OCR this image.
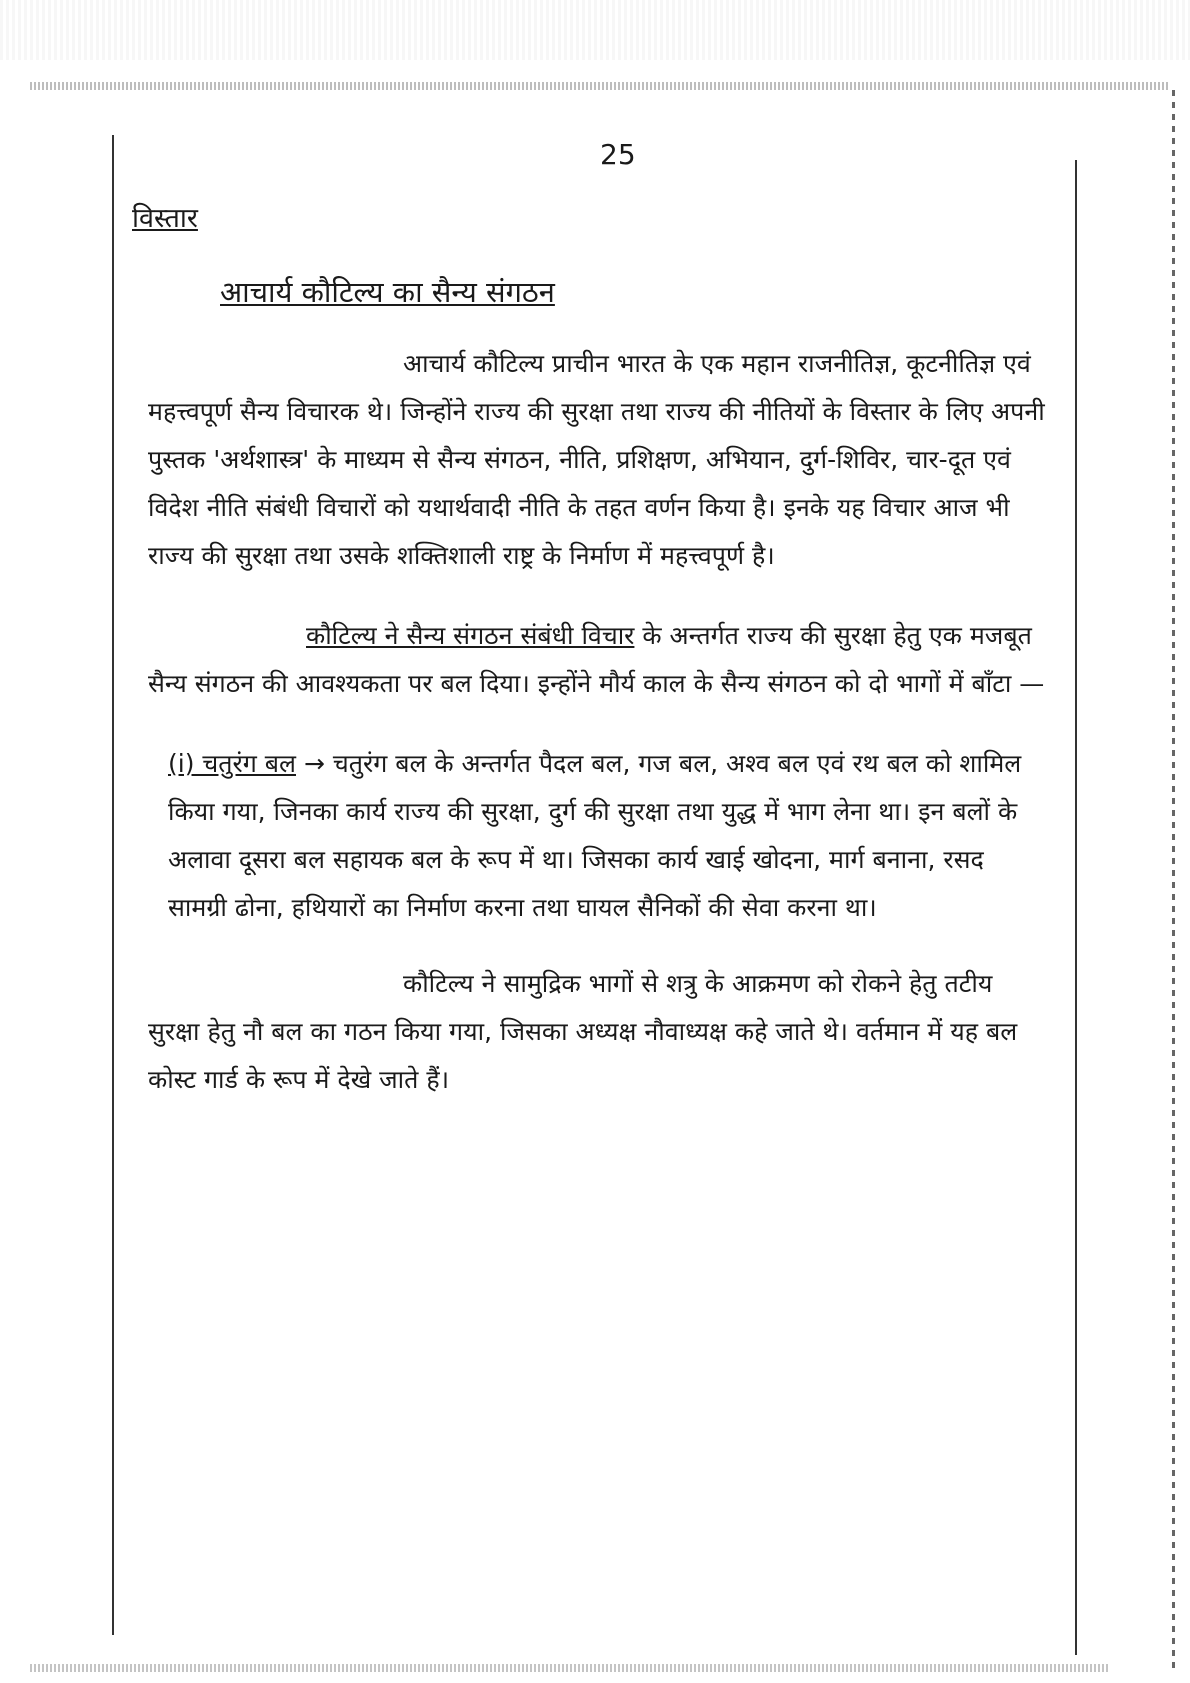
25
विस्तार
आचार्य कौटिल्य का सैन्य संगठन

आचार्य कौटिल्य प्राचीन भारत के एक महान राजनीतिज्ञ, कूटनीतिज्ञ एवं महत्त्वपूर्ण सैन्य विचारक थे। जिन्होंने राज्य की सुरक्षा तथा राज्य की नीतियों के विस्तार के लिए अपनी पुस्तक 'अर्थशास्त्र' के माध्यम से सैन्य संगठन, नीति, प्रशिक्षण, अभियान, दुर्ग-शिविर, चार-दूत एवं विदेश नीति संबंधी विचारों को यथार्थवादी नीति के तहत वर्णन किया है। इनके यह विचार आज भी राज्य की सुरक्षा तथा उसके शक्तिशाली राष्ट्र के निर्माण में महत्त्वपूर्ण है।

कौटिल्य ने सैन्य संगठन संबंधी विचार के अन्तर्गत राज्य की सुरक्षा हेतु एक मजबूत सैन्य संगठन की आवश्यकता पर बल दिया। इन्होंने मौर्य काल के सैन्य संगठन को दो भागों में बाँटा —

(i) चतुरंग बल → चतुरंग बल के अन्तर्गत पैदल बल, गज बल, अश्व बल एवं रथ बल को शामिल किया गया, जिनका कार्य राज्य की सुरक्षा, दुर्ग की सुरक्षा तथा युद्ध में भाग लेना था। इन बलों के अलावा दूसरा बल सहायक बल के रूप में था। जिसका कार्य खाई खोदना, मार्ग बनाना, रसद सामग्री ढोना, हथियारों का निर्माण करना तथा घायल सैनिकों की सेवा करना था।

कौटिल्य ने सामुद्रिक भागों से शत्रु के आक्रमण को रोकने हेतु तटीय सुरक्षा हेतु नौ बल का गठन किया गया, जिसका अध्यक्ष नौवाध्यक्ष कहे जाते थे। वर्तमान में यह बल कोस्ट गार्ड के रूप में देखे जाते हैं।
